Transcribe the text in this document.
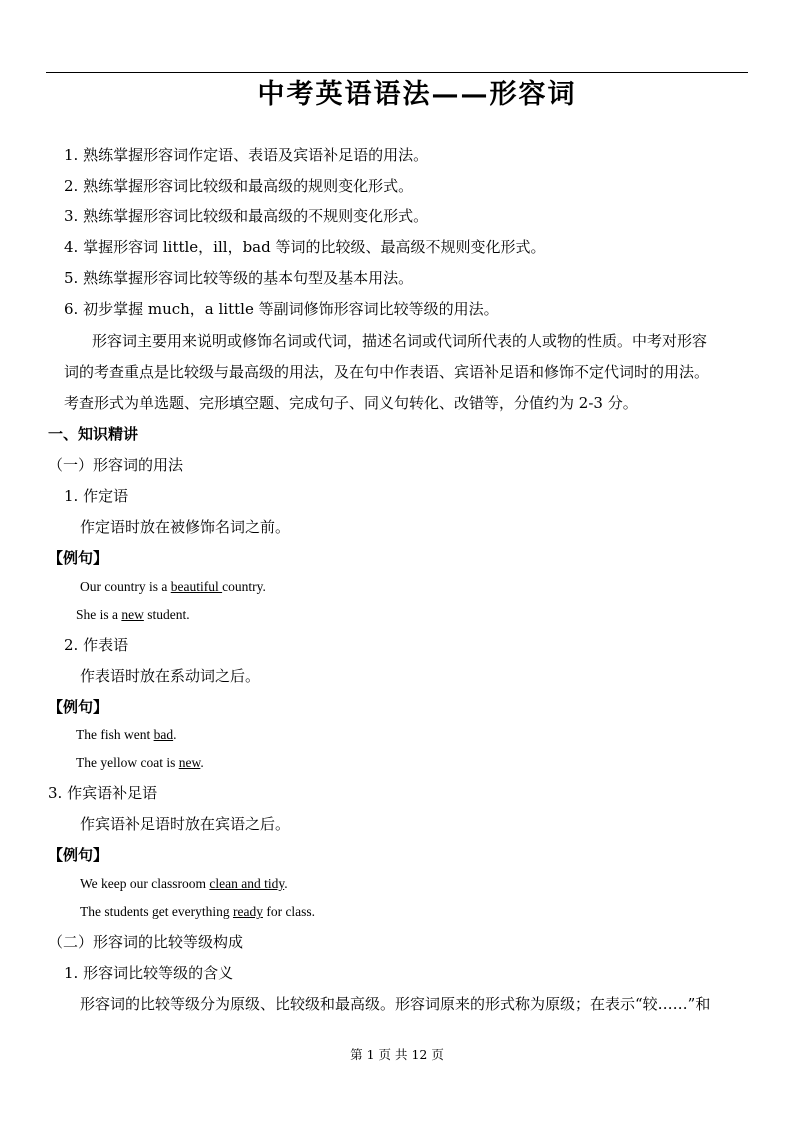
中考英语语法——形容词
1. 熟练掌握形容词作定语、表语及宾语补足语的用法。
2. 熟练掌握形容词比较级和最高级的规则变化形式。
3. 熟练掌握形容词比较级和最高级的不规则变化形式。
4. 掌握形容词 little，ill，bad 等词的比较级、最高级不规则变化形式。
5. 熟练掌握形容词比较等级的基本句型及基本用法。
6. 初步掌握 much，a little 等副词修饰形容词比较等级的用法。
形容词主要用来说明或修饰名词或代词，描述名词或代词所代表的人或物的性质。中考对形容
词的考查重点是比较级与最高级的用法，及在句中作表语、宾语补足语和修饰不定代词时的用法。
考查形式为单选题、完形填空题、完成句子、同义句转化、改错等，分值约为 2-3 分。
一、知识精讲
（一）形容词的用法
1. 作定语
作定语时放在被修饰名词之前。
【例句】
Our country is a beautiful country.
She is a new student.
2. 作表语
作表语时放在系动词之后。
【例句】
The fish went bad.
The yellow coat is new.
3. 作宾语补足语
作宾语补足语时放在宾语之后。
【例句】
We keep our classroom clean and tidy.
The students get everything ready for class.
（二）形容词的比较等级构成
1. 形容词比较等级的含义
形容词的比较等级分为原级、比较级和最高级。形容词原来的形式称为原级；在表示“较……”和
第 1 页 共 12 页
